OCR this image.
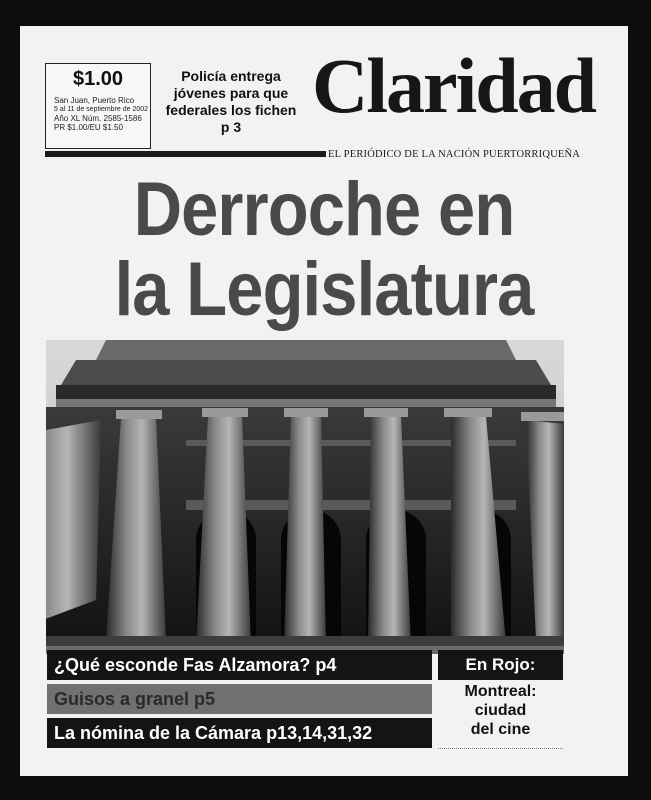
$1.00
San Juan, Puerto Rico
5 al 11 de septiembre de 2002
Año XL Núm. 2585-1586
PR $1.00/EU $1.50
Policía entrega
jóvenes para que
federales los fichen
p 3 Claridad
EL PERIÓDICO DE LA NACIÓN PUERTORRIQUEÑA
Derroche en
la Legislatura
¿Qué esconde Fas Alzamora? p4
Guisos a granel p5
La nómina de la Cámara p13,14,31,32
En Rojo:
Montreal:
ciudad
del cine
